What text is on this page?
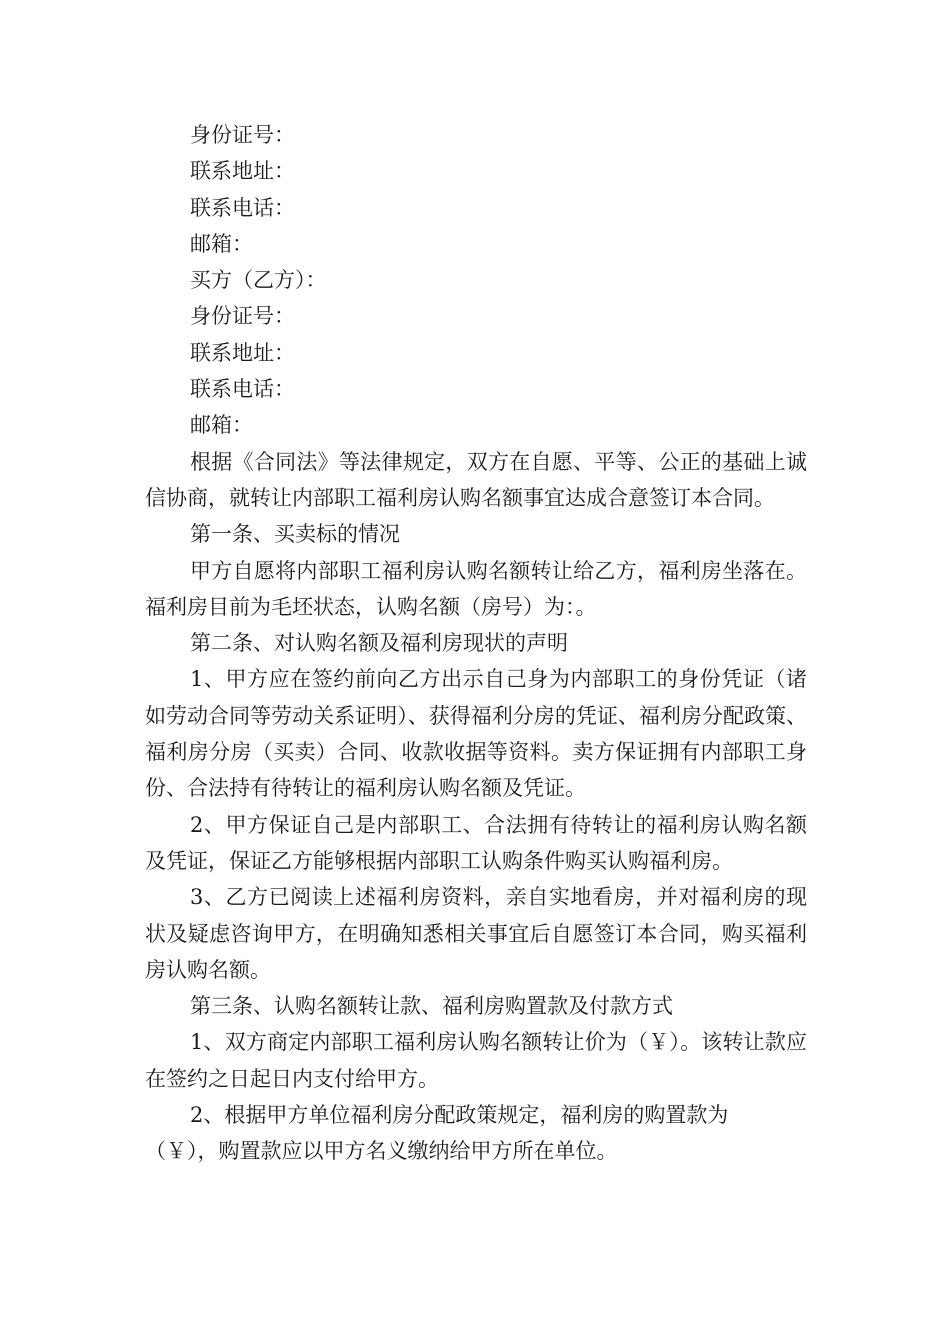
身份证号：
联系地址：
联系电话：
邮箱：
买方（乙方）：
身份证号：
联系地址：
联系电话：
邮箱：
根据《合同法》等法律规定，双方在自愿、平等、公正的基础上诚信协商，就转让内部职工福利房认购名额事宜达成合意签订本合同。
第一条、买卖标的情况
甲方自愿将内部职工福利房认购名额转让给乙方，福利房坐落在。福利房目前为毛坯状态，认购名额（房号）为：。
第二条、对认购名额及福利房现状的声明
1、甲方应在签约前向乙方出示自己身为内部职工的身份凭证（诸如劳动合同等劳动关系证明）、获得福利分房的凭证、福利房分配政策、福利房分房（买卖）合同、收款收据等资料。卖方保证拥有内部职工身份、合法持有待转让的福利房认购名额及凭证。
2、甲方保证自己是内部职工、合法拥有待转让的福利房认购名额及凭证，保证乙方能够根据内部职工认购条件购买认购福利房。
3、乙方已阅读上述福利房资料，亲自实地看房，并对福利房的现状及疑虑咨询甲方，在明确知悉相关事宜后自愿签订本合同，购买福利房认购名额。
第三条、认购名额转让款、福利房购置款及付款方式
1、双方商定内部职工福利房认购名额转让价为（￥）。该转让款应在签约之日起日内支付给甲方。
2、根据甲方单位福利房分配政策规定，福利房的购置款为
（￥），购置款应以甲方名义缴纳给甲方所在单位。
